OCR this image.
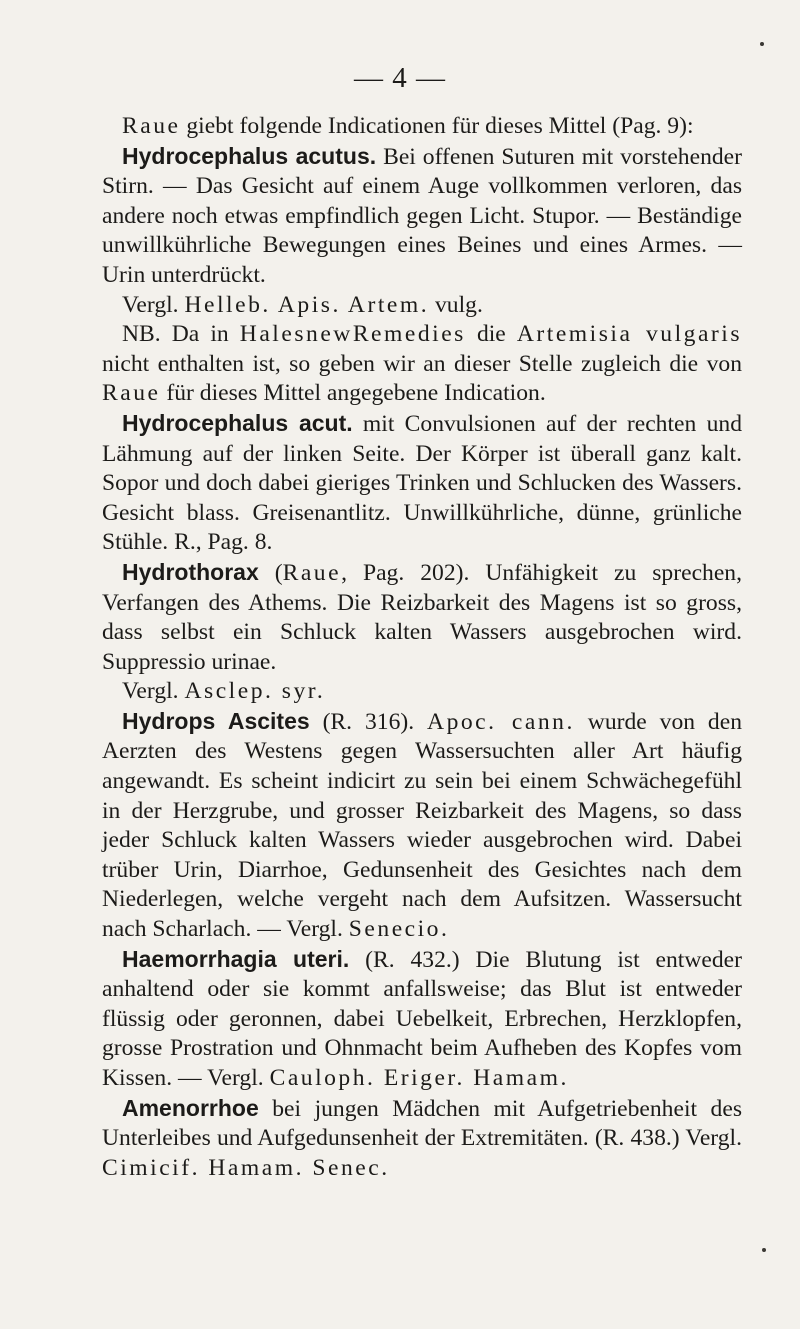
— 4 —

Raue giebt folgende Indicationen für dieses Mittel (Pag. 9):

Hydrocephalus acutus. Bei offenen Suturen mit vorstehender Stirn. — Das Gesicht auf einem Auge vollkommen verloren, das andere noch etwas empfindlich gegen Licht. Stupor. — Beständige unwillkührliche Bewegungen eines Beines und eines Armes. — Urin unterdrückt.

Vergl. Helleb. Apis. Artem. vulg.

NB. Da in HalesnewRemedies die Artemisia vulgaris nicht enthalten ist, so geben wir an dieser Stelle zugleich die von Raue für dieses Mittel angegebene Indication.

Hydrocephalus acut. mit Convulsionen auf der rechten und Lähmung auf der linken Seite. Der Körper ist überall ganz kalt. Sopor und doch dabei gieriges Trinken und Schlucken des Wassers. Gesicht blass. Greisenantlitz. Unwillkührliche, dünne, grünliche Stühle. R., Pag. 8.

Hydrothorax (Raue, Pag. 202). Unfähigkeit zu sprechen, Verfangen des Athems. Die Reizbarkeit des Magens ist so gross, dass selbst ein Schluck kalten Wassers ausgebrochen wird. Suppressio urinae.

Vergl. Asclep. syr.

Hydrops Ascites (R. 316). Apoc. cann. wurde von den Aerzten des Westens gegen Wassersuchten aller Art häufig angewandt. Es scheint indicirt zu sein bei einem Schwächegefühl in der Herzgrube, und grosser Reizbarkeit des Magens, so dass jeder Schluck kalten Wassers wieder ausgebrochen wird. Dabei trüber Urin, Diarrhoe, Gedunsenheit des Gesichtes nach dem Niederlegen, welche vergeht nach dem Aufsitzen. Wassersucht nach Scharlach. — Vergl. Senecio.

Haemorrhagia uteri. (R. 432.) Die Blutung ist entweder anhaltend oder sie kommt anfallsweise; das Blut ist entweder flüssig oder geronnen, dabei Uebelkeit, Erbrechen, Herzklopfen, grosse Prostration und Ohnmacht beim Aufheben des Kopfes vom Kissen. — Vergl. Cauloph. Eriger. Hamam.

Amenorrhoe bei jungen Mädchen mit Aufgetriebenheit des Unterleibes und Aufgedunsenheit der Extremitäten. (R. 438.) Vergl. Cimicif. Hamam. Senec.
